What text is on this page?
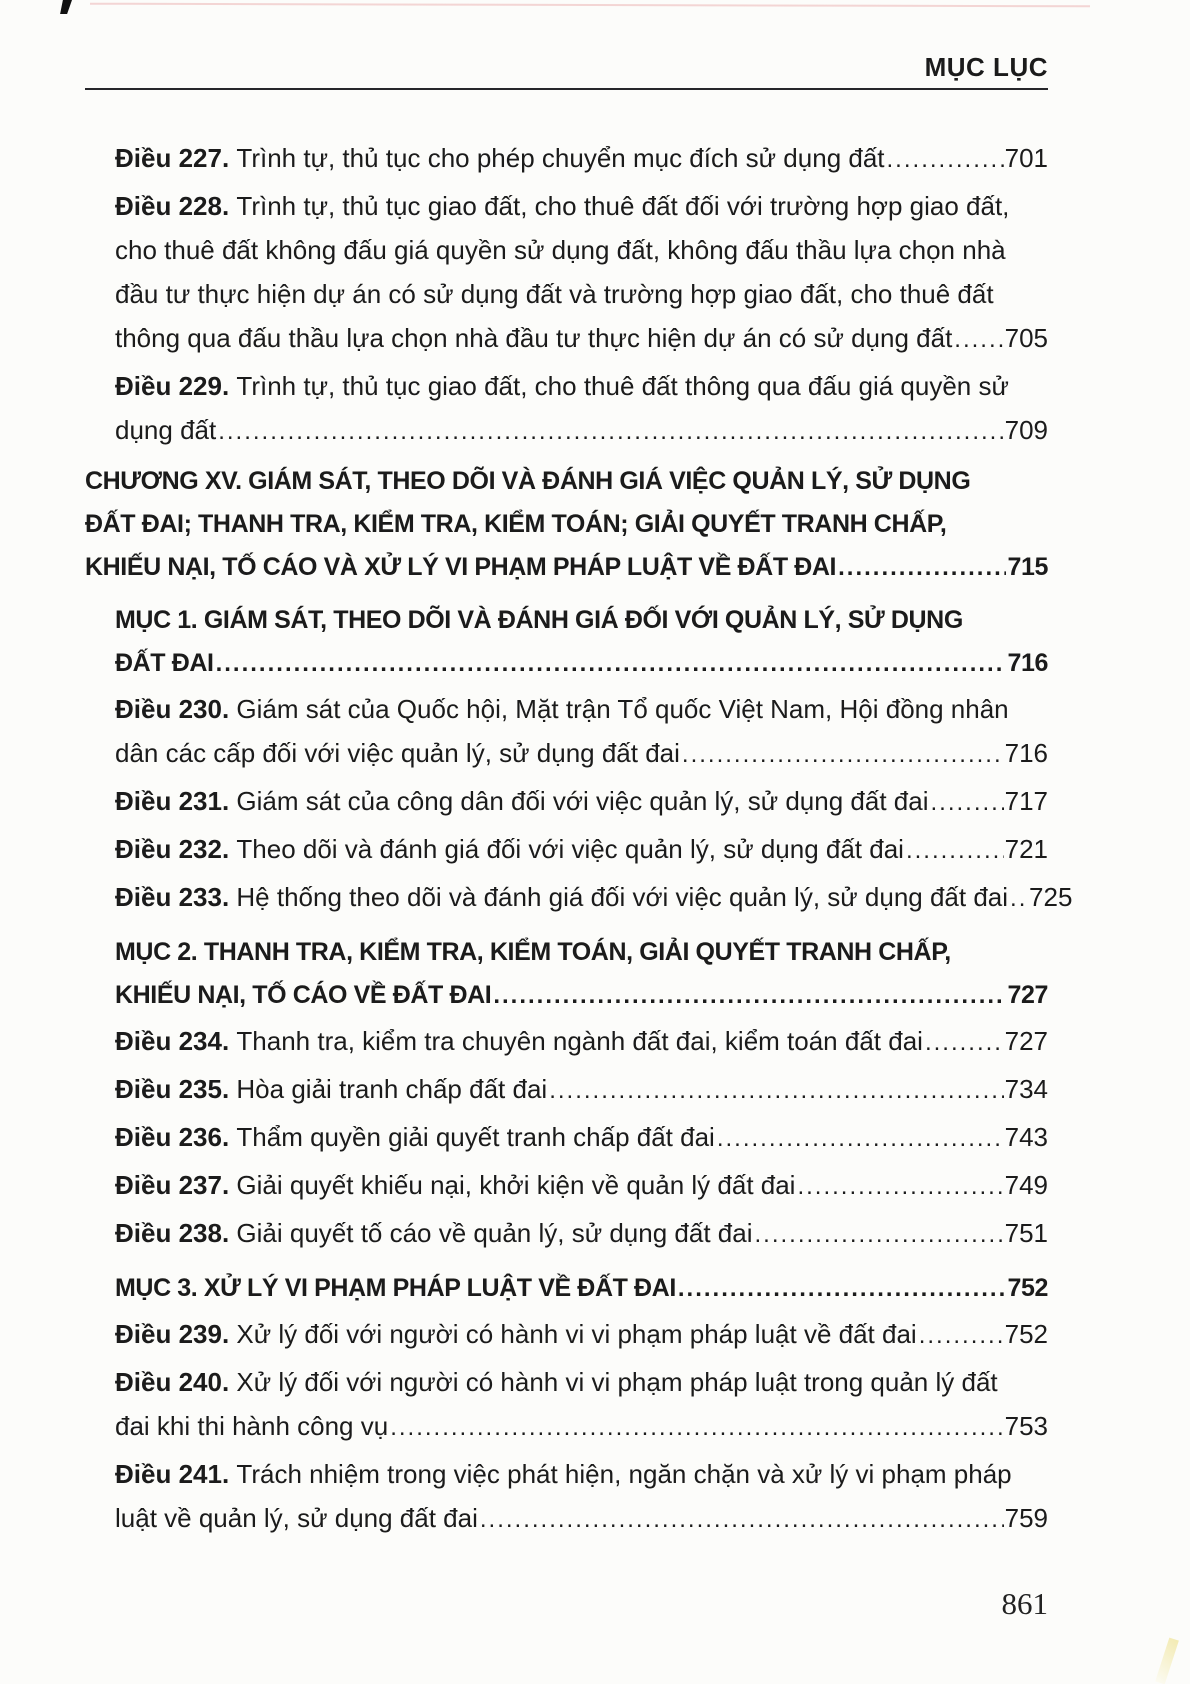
MỤC LỤC
Điều 227. Trình tự, thủ tục cho phép chuyển mục đích sử dụng đất .....	701
Điều 228. Trình tự, thủ tục giao đất, cho thuê đất đối với trường hợp giao đất,
cho thuê đất không đấu giá quyền sử dụng đất, không đấu thầu lựa chọn nhà
đầu tư thực hiện dự án có sử dụng đất và trường hợp giao đất, cho thuê đất
thông qua đấu thầu lựa chọn nhà đầu tư thực hiện dự án có sử dụng đất ..... 705
Điều 229. Trình tự, thủ tục giao đất, cho thuê đất thông qua đấu giá quyền sử
dụng đất .....	709
CHƯƠNG XV. GIÁM SÁT, THEO DÕI VÀ ĐÁNH GIÁ VIỆC QUẢN LÝ, SỬ DỤNG
ĐẤT ĐAI; THANH TRA, KIỂM TRA, KIỂM TOÁN; GIẢI QUYẾT TRANH CHẤP,
KHIẾU NẠI, TỐ CÁO VÀ XỬ LÝ VI PHẠM PHÁP LUẬT VỀ ĐẤT ĐAI .....	715
MỤC 1. GIÁM SÁT, THEO DÕI VÀ ĐÁNH GIÁ ĐỐI VỚI QUẢN LÝ, SỬ DỤNG
ĐẤT ĐAI .....	716
Điều 230. Giám sát của Quốc hội, Mặt trận Tổ quốc Việt Nam, Hội đồng nhân
dân các cấp đối với việc quản lý, sử dụng đất đai .....	716
Điều 231. Giám sát của công dân đối với việc quản lý, sử dụng đất đai .....	717
Điều 232. Theo dõi và đánh giá đối với việc quản lý, sử dụng đất đai .....	721
Điều 233. Hệ thống theo dõi và đánh giá đối với việc quản lý, sử dụng đất đai ..... 725
MỤC 2. THANH TRA, KIỂM TRA, KIỂM TOÁN, GIẢI QUYẾT TRANH CHẤP,
KHIẾU NẠI, TỐ CÁO VỀ ĐẤT ĐAI .....	727
Điều 234. Thanh tra, kiểm tra chuyên ngành đất đai, kiểm toán đất đai .....	727
Điều 235. Hòa giải tranh chấp đất đai .....	734
Điều 236. Thẩm quyền giải quyết tranh chấp đất đai .....	743
Điều 237. Giải quyết khiếu nại, khởi kiện về quản lý đất đai .....	749
Điều 238. Giải quyết tố cáo về quản lý, sử dụng đất đai .....	751
MỤC 3. XỬ LÝ VI PHẠM PHÁP LUẬT VỀ ĐẤT ĐAI .....	752
Điều 239. Xử lý đối với người có hành vi vi phạm pháp luật về đất đai .....	752
Điều 240. Xử lý đối với người có hành vi vi phạm pháp luật trong quản lý đất
đai khi thi hành công vụ .....	753
Điều 241. Trách nhiệm trong việc phát hiện, ngăn chặn và xử lý vi phạm pháp
luật về quản lý, sử dụng đất đai .....	759
861
